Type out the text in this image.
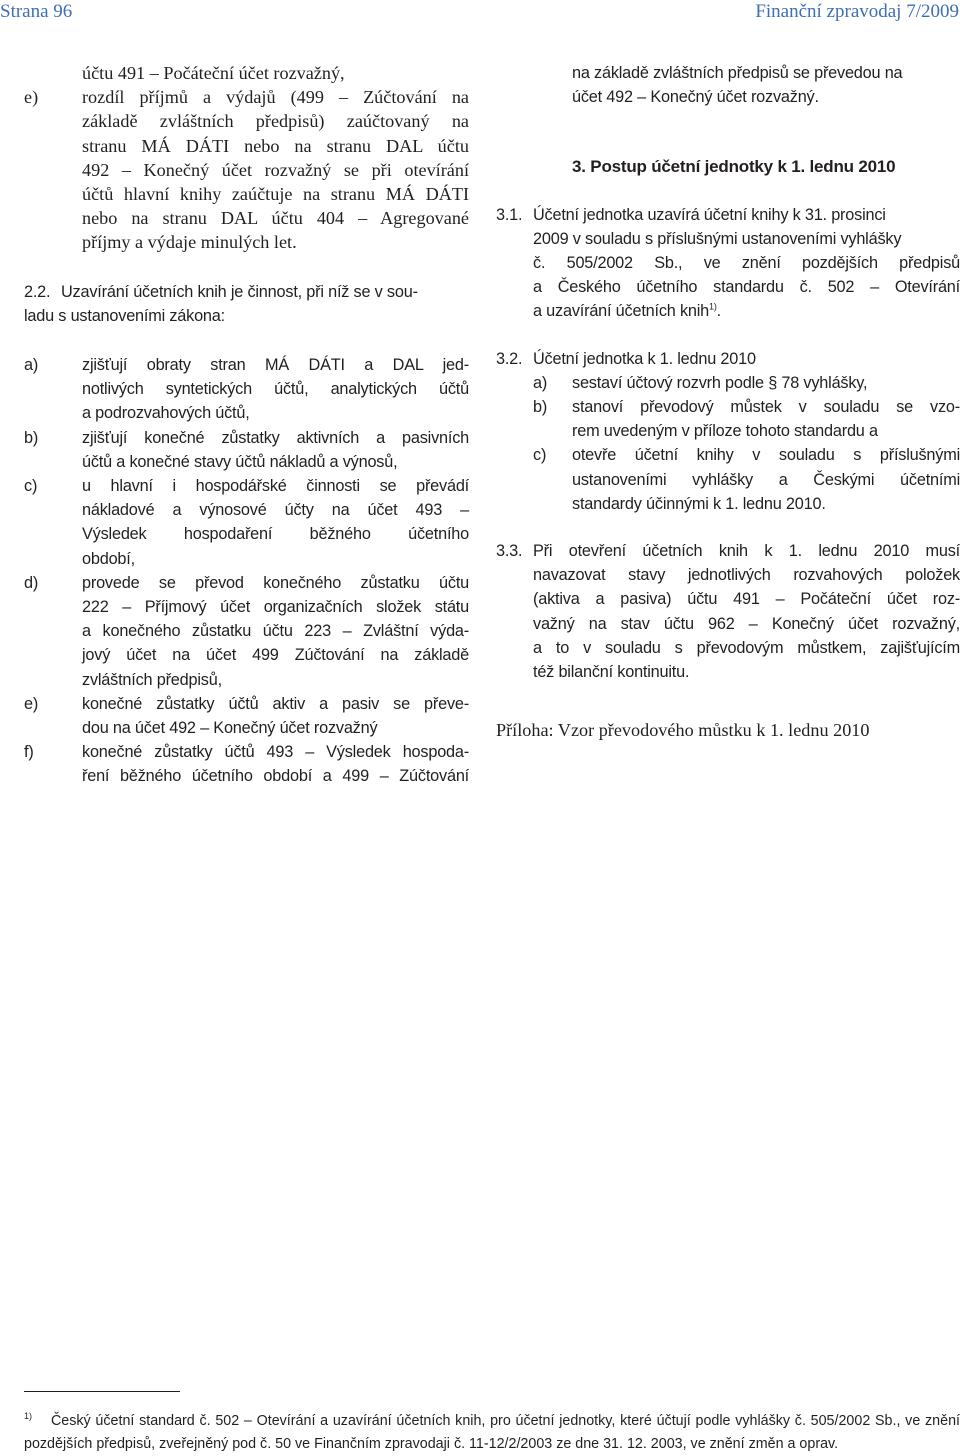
Strana 96	Finanční zpravodaj 7/2009
účtu 491 – Počáteční účet rozvažný,
e) rozdíl příjmů a výdajů (499 – Zúčtování na
základě zvláštních předpisů) zaúčtovaný na
stranu MÁ DÁTI nebo na stranu DAL účtu
492 – Konečný účet rozvažný se při otevírání
účtů hlavní knihy zaúčtuje na stranu MÁ DÁTI
nebo na stranu DAL účtu 404 – Agregované
příjmy a výdaje minulých let.
2.2. Uzavírání účetních knih je činnost, při níž se v sou-
ladu s ustanoveními zákona:
a)	zjišťují obraty stran MÁ DÁTI a DAL jed-
notlivých syntetických účtů, analytických účtů
a podrozvahových účtů,
b)	zjišťují konečné zůstatky aktivních a pasivních
účtů a konečné stavy účtů nákladů a výnosů,
c)	u hlavní i hospodářské činnosti se převádí
nákladové a výnosové účty na účet 493 –
Výsledek hospodaření běžného účetního
období,
d)	provede se převod konečného zůstatku účtu
222 – Příjmový účet organizačních složek státu
a konečného zůstatku účtu 223 – Zvláštní výda-
jový účet na účet 499 Zúčtování na základě
zvláštních předpisů,
e)	konečné zůstatky účtů aktiv a pasiv se převe-
dou na účet 492 – Konečný účet rozvažný
f)	konečné zůstatky účtů 493 – Výsledek hospoda-
ření běžného účetního období a 499 – Zúčtování
na základě zvláštních předpisů se převedou na
účet 492 – Konečný účet rozvažný.
3. Postup účetní jednotky k 1. lednu 2010
3.1. Účetní jednotka uzavírá účetní knihy k 31. prosinci
2009 v souladu s příslušnými ustanoveními vyhlášky
č. 505/2002 Sb., ve znění pozdějších předpisů
a Českého účetního standardu č. 502 – Otevírání
a uzavírání účetních knih$^{1)}$.
3.2. Účetní jednotka k 1. lednu 2010
a) sestaví účtový rozvrh podle § 78 vyhlášky,
b) stanoví převodový můstek v souladu se vzo-
rem uvedeným v příloze tohoto standardu a
c) otevře účetní knihy v souladu s příslušnými
ustanoveními vyhlášky a Českými účetními
standardy účinnými k 1. lednu 2010.
3.3. Při otevření účetních knih k 1. lednu 2010 musí
navazovat stavy jednotlivých rozvahových položek
(aktiva a pasiva) účtu 491 – Počáteční účet roz-
važný na stav účtu 962 – Konečný účet rozvažný,
a to v souladu s převodovým můstkem, zajišťujícím
též bilanční kontinuitu.
Příloha: Vzor převodového můstku k 1. lednu 2010
$^{1)}$ Český účetní standard č. 502 – Otevírání a uzavírání účetních knih, pro účetní jednotky, které účtují podle vyhlášky č. 505/2002 Sb., ve znění
pozdějších předpisů, zveřejněný pod č. 50 ve Finančním zpravodaji č. 11-12/2/2003 ze dne 31. 12. 2003, ve znění změn a oprav.
